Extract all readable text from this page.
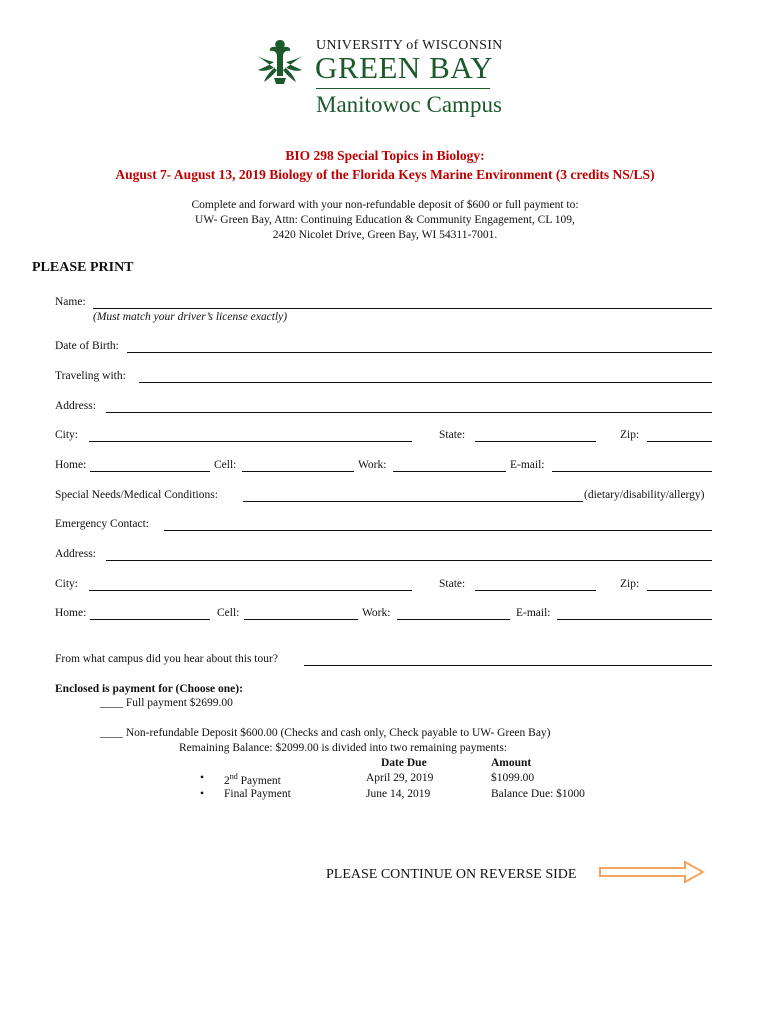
UNIVERSITY of WISCONSIN
GREEN BAY
Manitowoc Campus
BIO 298 Special Topics in Biology:
August 7- August 13, 2019 Biology of the Florida Keys Marine Environment (3 credits NS/LS)
Complete and forward with your non-refundable deposit of $600 or full payment to:
UW- Green Bay, Attn: Continuing Education & Community Engagement, CL 109,
2420 Nicolet Drive, Green Bay, WI 54311-7001.
PLEASE PRINT
Name:
(Must match your driver’s license exactly)
Date of Birth:
Traveling with:
Address:
City:	State:	Zip:
Home:	Cell:	Work:	E-mail:
Special Needs/Medical Conditions:	(dietary/disability/allergy)
Emergency Contact:
Address:
City:	State:	Zip:
Home:	Cell:	Work:	E-mail:
From what campus did you hear about this tour?
Enclosed is payment for (Choose one):
____ Full payment $2699.00
____ Non-refundable Deposit $600.00 (Checks and cash only, Check payable to UW- Green Bay)
Remaining Balance: $2099.00 is divided into two remaining payments:
Date Due	Amount
• 2nd Payment	April 29, 2019	$1099.00
• Final Payment	June 14, 2019	Balance Due: $1000
PLEASE CONTINUE ON REVERSE SIDE
